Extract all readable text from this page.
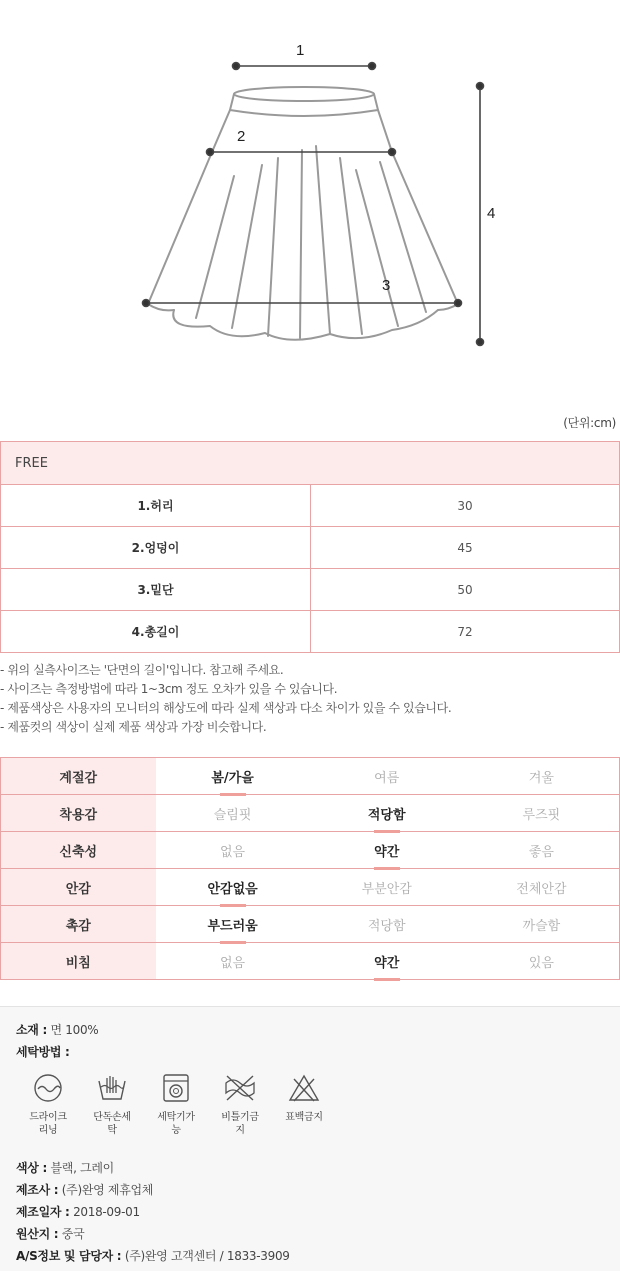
1
2
3
4
(단위:cm)
FREE	
1.허리	30
2.엉덩이	45
3.밑단	50
4.총길이	72
- 위의 실측사이즈는 '단면의 길이'입니다. 참고해 주세요.
- 사이즈는 측정방법에 따라 1~3cm 정도 오차가 있을 수 있습니다.
- 제품색상은 사용자의 모니터의 해상도에 따라 실제 색상과 다소 차이가 있을 수 있습니다.
- 제품컷의 색상이 실제 제품 색상과 가장 비슷합니다.
계절감	봄/가을	여름	겨울
착용감	슬림핏	적당함	루즈핏
신축성	없음	약간	좋음
안감	안감없음	부분안감	전체안감
촉감	부드러움	적당함	까슬함
비침	없음	약간	있음
소재 : 면 100%
세탁방법 :
드라이크
리닝
단독손세
탁
세탁기가
능
비틀기금
지
표백금지
색상 : 블랙, 그레이
제조사 : (주)완영 제휴업체
제조일자 : 2018-09-01
원산지 : 중국
A/S정보 및 담당자 : (주)완영 고객센터 / 1833-3909
